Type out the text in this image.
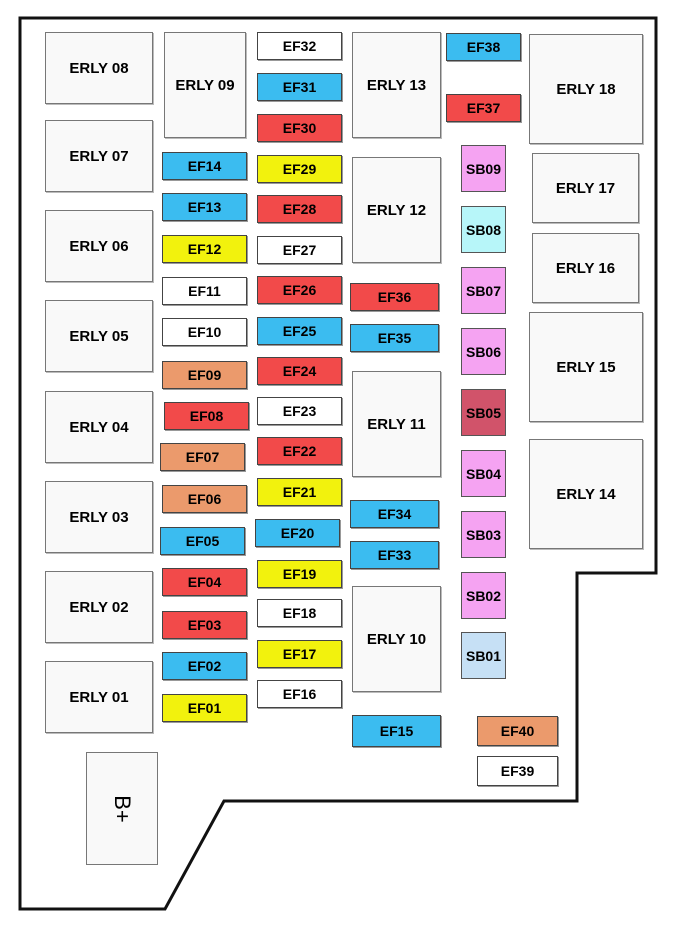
ERLY 08
ERLY 07
ERLY 06
ERLY 05
ERLY 04
ERLY 03
ERLY 02
ERLY 01
ERLY 09	ERLY 13
ERLY 12
ERLY 11
ERLY 10
ERLY 18
ERLY 17
ERLY 16
ERLY 15
ERLY 14
EF14
EF13
EF12
EF11
EF10
EF09
EF08
EF07
EF06
EF05
EF04
EF03
EF02
EF01
EF32
EF31
EF30
EF29
EF28
EF27
EF26
EF25
EF24
EF23
EF22
EF21
EF20
EF19
EF18
EF17
EF16
EF36
EF35
EF34
EF33
EF15
EF38
EF37
EF40
EF39
SB09
SB08
SB07
SB06
SB05
SB04
SB03
SB02
SB01
B+
